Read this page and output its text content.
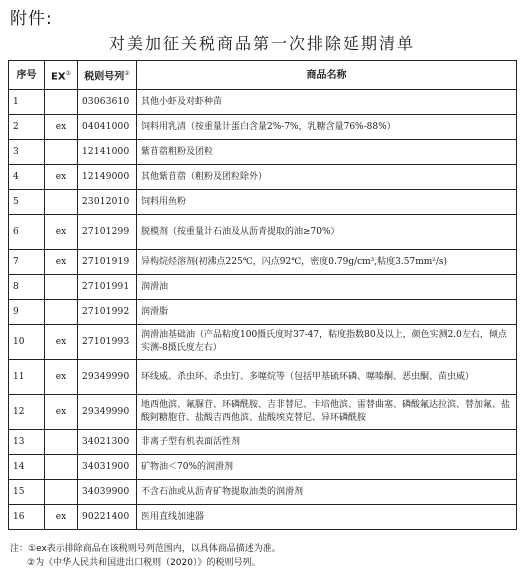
附件:
对美加征关税商品第一次排除延期清单
序号	EX①	税则号列②	商品名称
1		03063610	其他小虾及对虾种苗
2	ex	04041000	饲料用乳清（按重量计蛋白含量2%-7%，乳糖含量76%-88%）
3		12141000	紫苜蓿粗粉及团粒
4	ex	12149000	其他紫苜蓿（粗粉及团粒除外）
5		23012010	饲料用鱼粉
6	ex	27101299	脱模剂（按重量计石油及从沥青提取的油≥70%）
7	ex	27101919	异构烷烃溶剂(初沸点225℃，闪点92℃，密度0.79g/cm³,粘度3.57mm²/s)
8		27101991	润滑油
9		27101992	润滑脂
10	ex	27101993	润滑油基础油（产品粘度100摄氏度时37-47，粘度指数80及以上，颜色实测2.0左右，倾点实测-8摄氏度左右）
11	ex	29349990	环线威、杀虫环、杀虫钉、多噻烷等（包括甲基硫环磷、噻嗪酮、恶虫酮、苗虫威）
12	ex	29349990	地西他滨、氟脲苷、环磷酰胺、吉非替尼、卡培他滨、雷替曲塞、磷酸氟达拉滨、替加氟、盐酸阿糖胞苷、盐酸吉西他滨、盐酸埃克替尼、异环磷酰胺
13		34021300	非离子型有机表面活性剂
14		34031900	矿物油＜70%的润滑剂
15		34039900	不含石油或从沥青矿物提取油类的润滑剂
16	ex	90221400	医用直线加速器
注：①ex表示排除商品在该税则号列范围内，以具体商品描述为准。
②为《中华人民共和国进出口税则（2020）》的税则号列。
